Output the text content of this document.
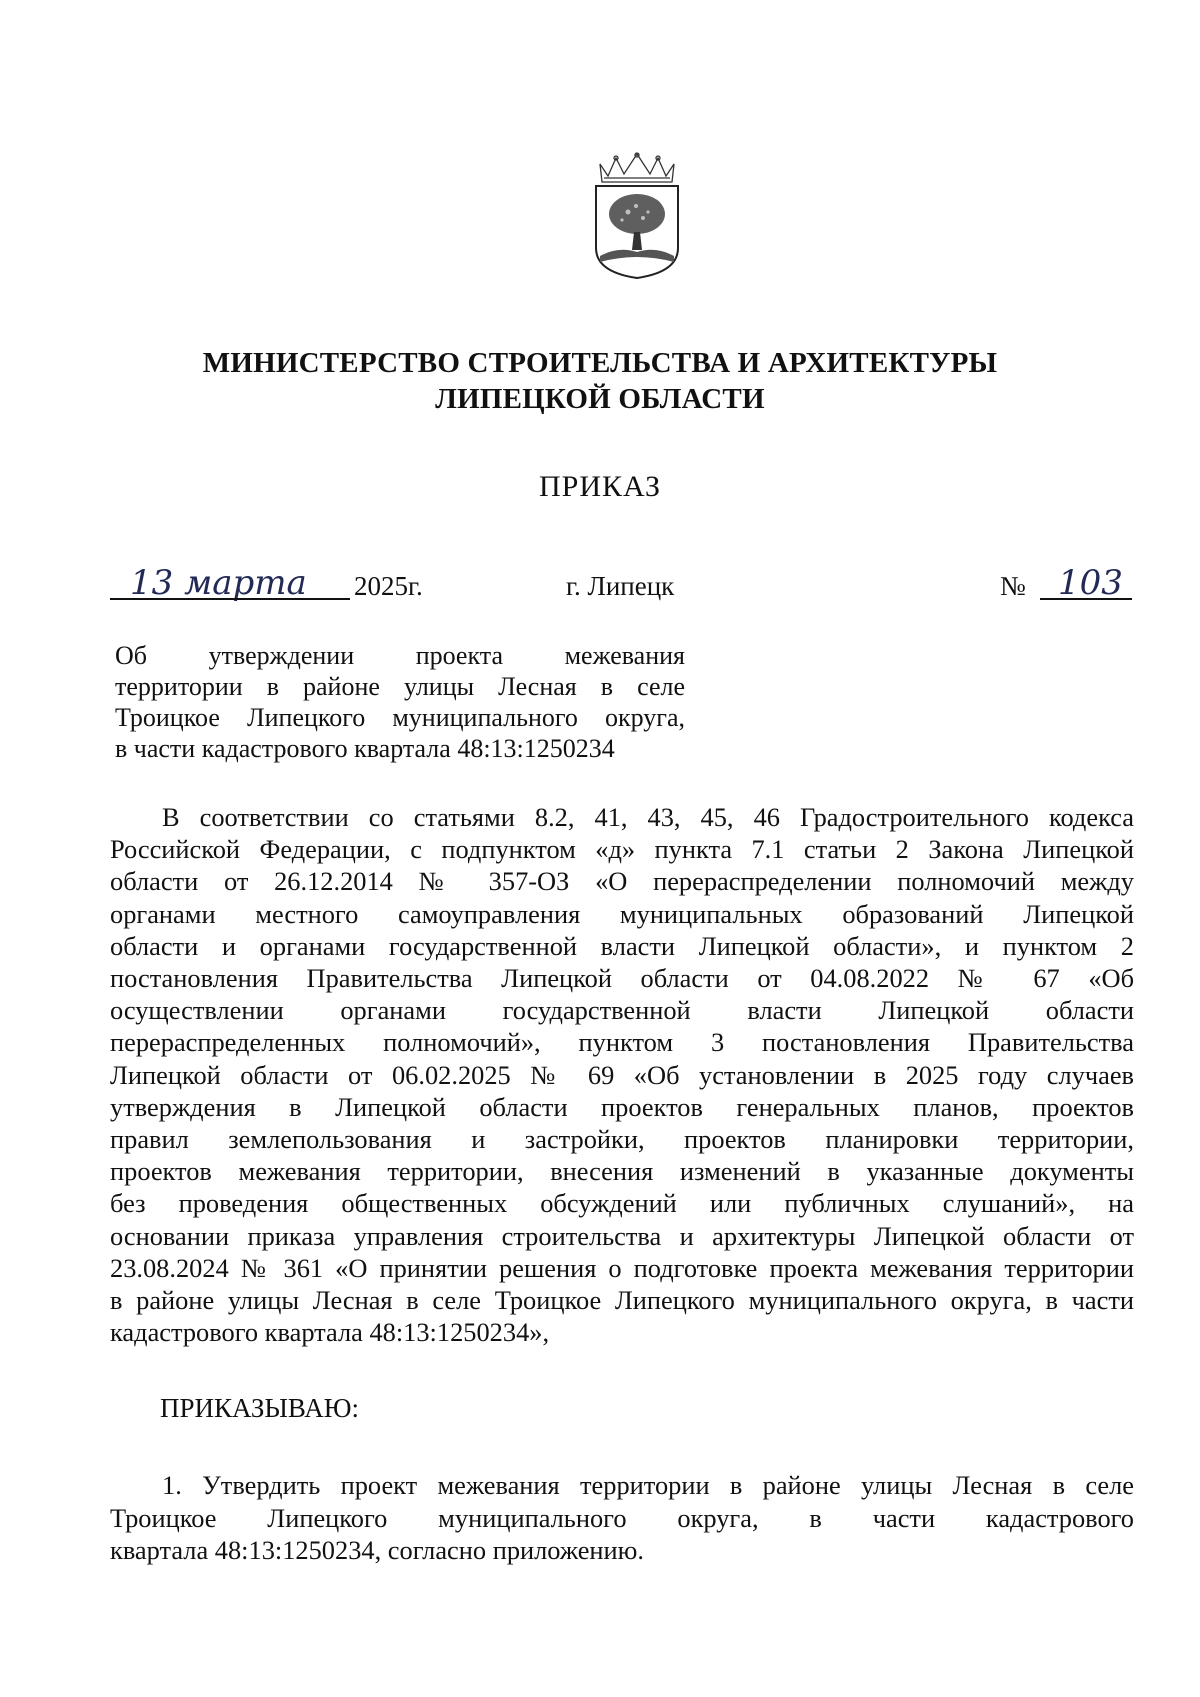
МИНИСТЕРСТВО СТРОИТЕЛЬСТВА И АРХИТЕКТУРЫ
ЛИПЕЦКОЙ ОБЛАСТИ
ПРИКАЗ
13 марта 2025г.	г. Липецк	№ 103
Об утверждении проекта межевания
территории в районе улицы Лесная в селе
Троицкое Липецкого муниципального округа,
в части кадастрового квартала 48:13:1250234
В соответствии со статьями 8.2, 41, 43, 45, 46 Градостроительного кодекса
Российской Федерации, с подпунктом «д» пункта 7.1 статьи 2 Закона Липецкой
области от 26.12.2014 № 357-ОЗ «О перераспределении полномочий между
органами местного самоуправления муниципальных образований Липецкой
области и органами государственной власти Липецкой области», и пунктом 2
постановления Правительства Липецкой области от 04.08.2022 № 67 «Об
осуществлении органами государственной власти Липецкой области
перераспределенных полномочий», пунктом 3 постановления Правительства
Липецкой области от 06.02.2025 № 69 «Об установлении в 2025 году случаев
утверждения в Липецкой области проектов генеральных планов, проектов
правил землепользования и застройки, проектов планировки территории,
проектов межевания территории, внесения изменений в указанные документы
без проведения общественных обсуждений или публичных слушаний», на
основании приказа управления строительства и архитектуры Липецкой области от
23.08.2024 № 361 «О принятии решения о подготовке проекта межевания территории
в районе улицы Лесная в селе Троицкое Липецкого муниципального округа, в части
кадастрового квартала 48:13:1250234»,
ПРИКАЗЫВАЮ:
1. Утвердить проект межевания территории в районе улицы Лесная в селе
Троицкое Липецкого муниципального округа, в части кадастрового
квартала 48:13:1250234, согласно приложению.
